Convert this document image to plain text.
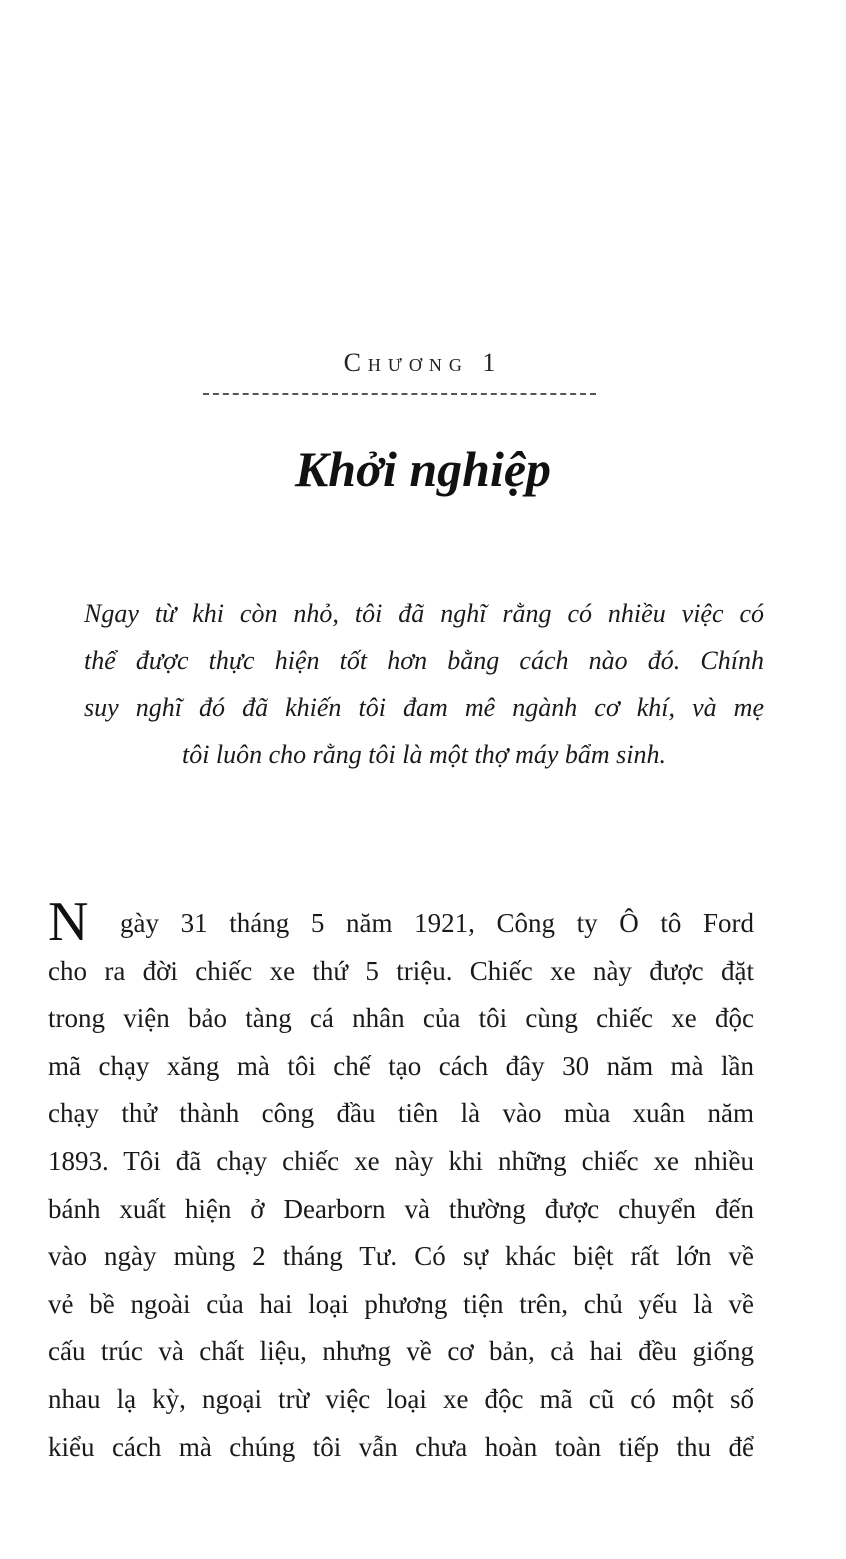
Chương 1
Khởi nghiệp
Ngay từ khi còn nhỏ, tôi đã nghĩ rằng có nhiều việc có
thể được thực hiện tốt hơn bằng cách nào đó. Chính
suy nghĩ đó đã khiến tôi đam mê ngành cơ khí, và mẹ
tôi luôn cho rằng tôi là một thợ máy bẩm sinh.
N gày 31 tháng 5 năm 1921, Công ty Ô tô Ford
cho ra đời chiếc xe thứ 5 triệu. Chiếc xe này được đặt
trong viện bảo tàng cá nhân của tôi cùng chiếc xe độc
mã chạy xăng mà tôi chế tạo cách đây 30 năm mà lần
chạy thử thành công đầu tiên là vào mùa xuân năm
1893. Tôi đã chạy chiếc xe này khi những chiếc xe nhiều
bánh xuất hiện ở Dearborn và thường được chuyển đến
vào ngày mùng 2 tháng Tư. Có sự khác biệt rất lớn về
vẻ bề ngoài của hai loại phương tiện trên, chủ yếu là về
cấu trúc và chất liệu, nhưng về cơ bản, cả hai đều giống
nhau lạ kỳ, ngoại trừ việc loại xe độc mã cũ có một số
kiểu cách mà chúng tôi vẫn chưa hoàn toàn tiếp thu để
